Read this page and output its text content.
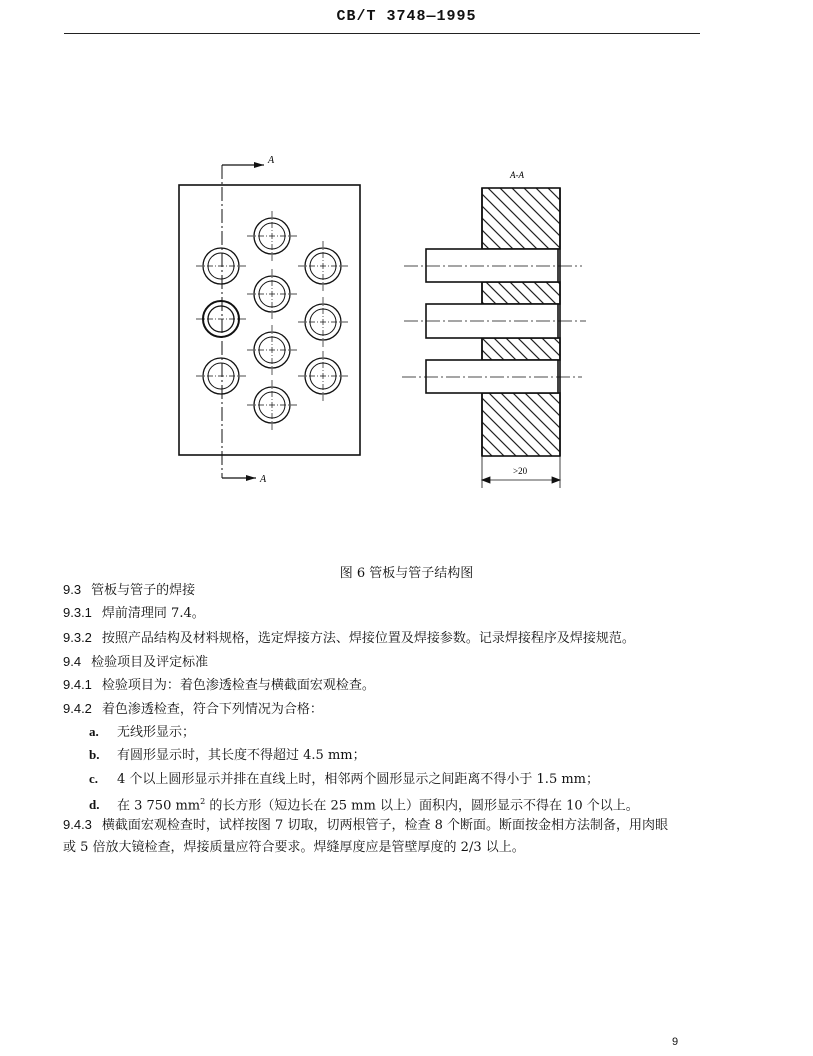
CB/T 3748—1995
A
A
A-A
>20
图 6 管板与管子结构图
9.3 管板与管子的焊接
9.3.1 焊前清理同 7.4。
9.3.2 按照产品结构及材料规格，选定焊接方法、焊接位置及焊接参数。记录焊接程序及焊接规范。
9.4 检验项目及评定标准
9.4.1 检验项目为：着色渗透检查与横截面宏观检查。
9.4.2 着色渗透检查，符合下列情况为合格：
a. 无线形显示；
b. 有圆形显示时，其长度不得超过 4.5 mm；
c. 4 个以上圆形显示并排在直线上时，相邻两个圆形显示之间距离不得小于 1.5 mm；
d. 在 3 750 $mm^2$ 的长方形（短边长在 25 mm 以上）面积内，圆形显示不得在 10 个以上。
9.4.3 横截面宏观检查时，试样按图 7 切取，切两根管子，检查 8 个断面。断面按金相方法制备，用肉眼
或 5 倍放大镜检查，焊接质量应符合要求。焊缝厚度应是管壁厚度的 2/3 以上。
9
